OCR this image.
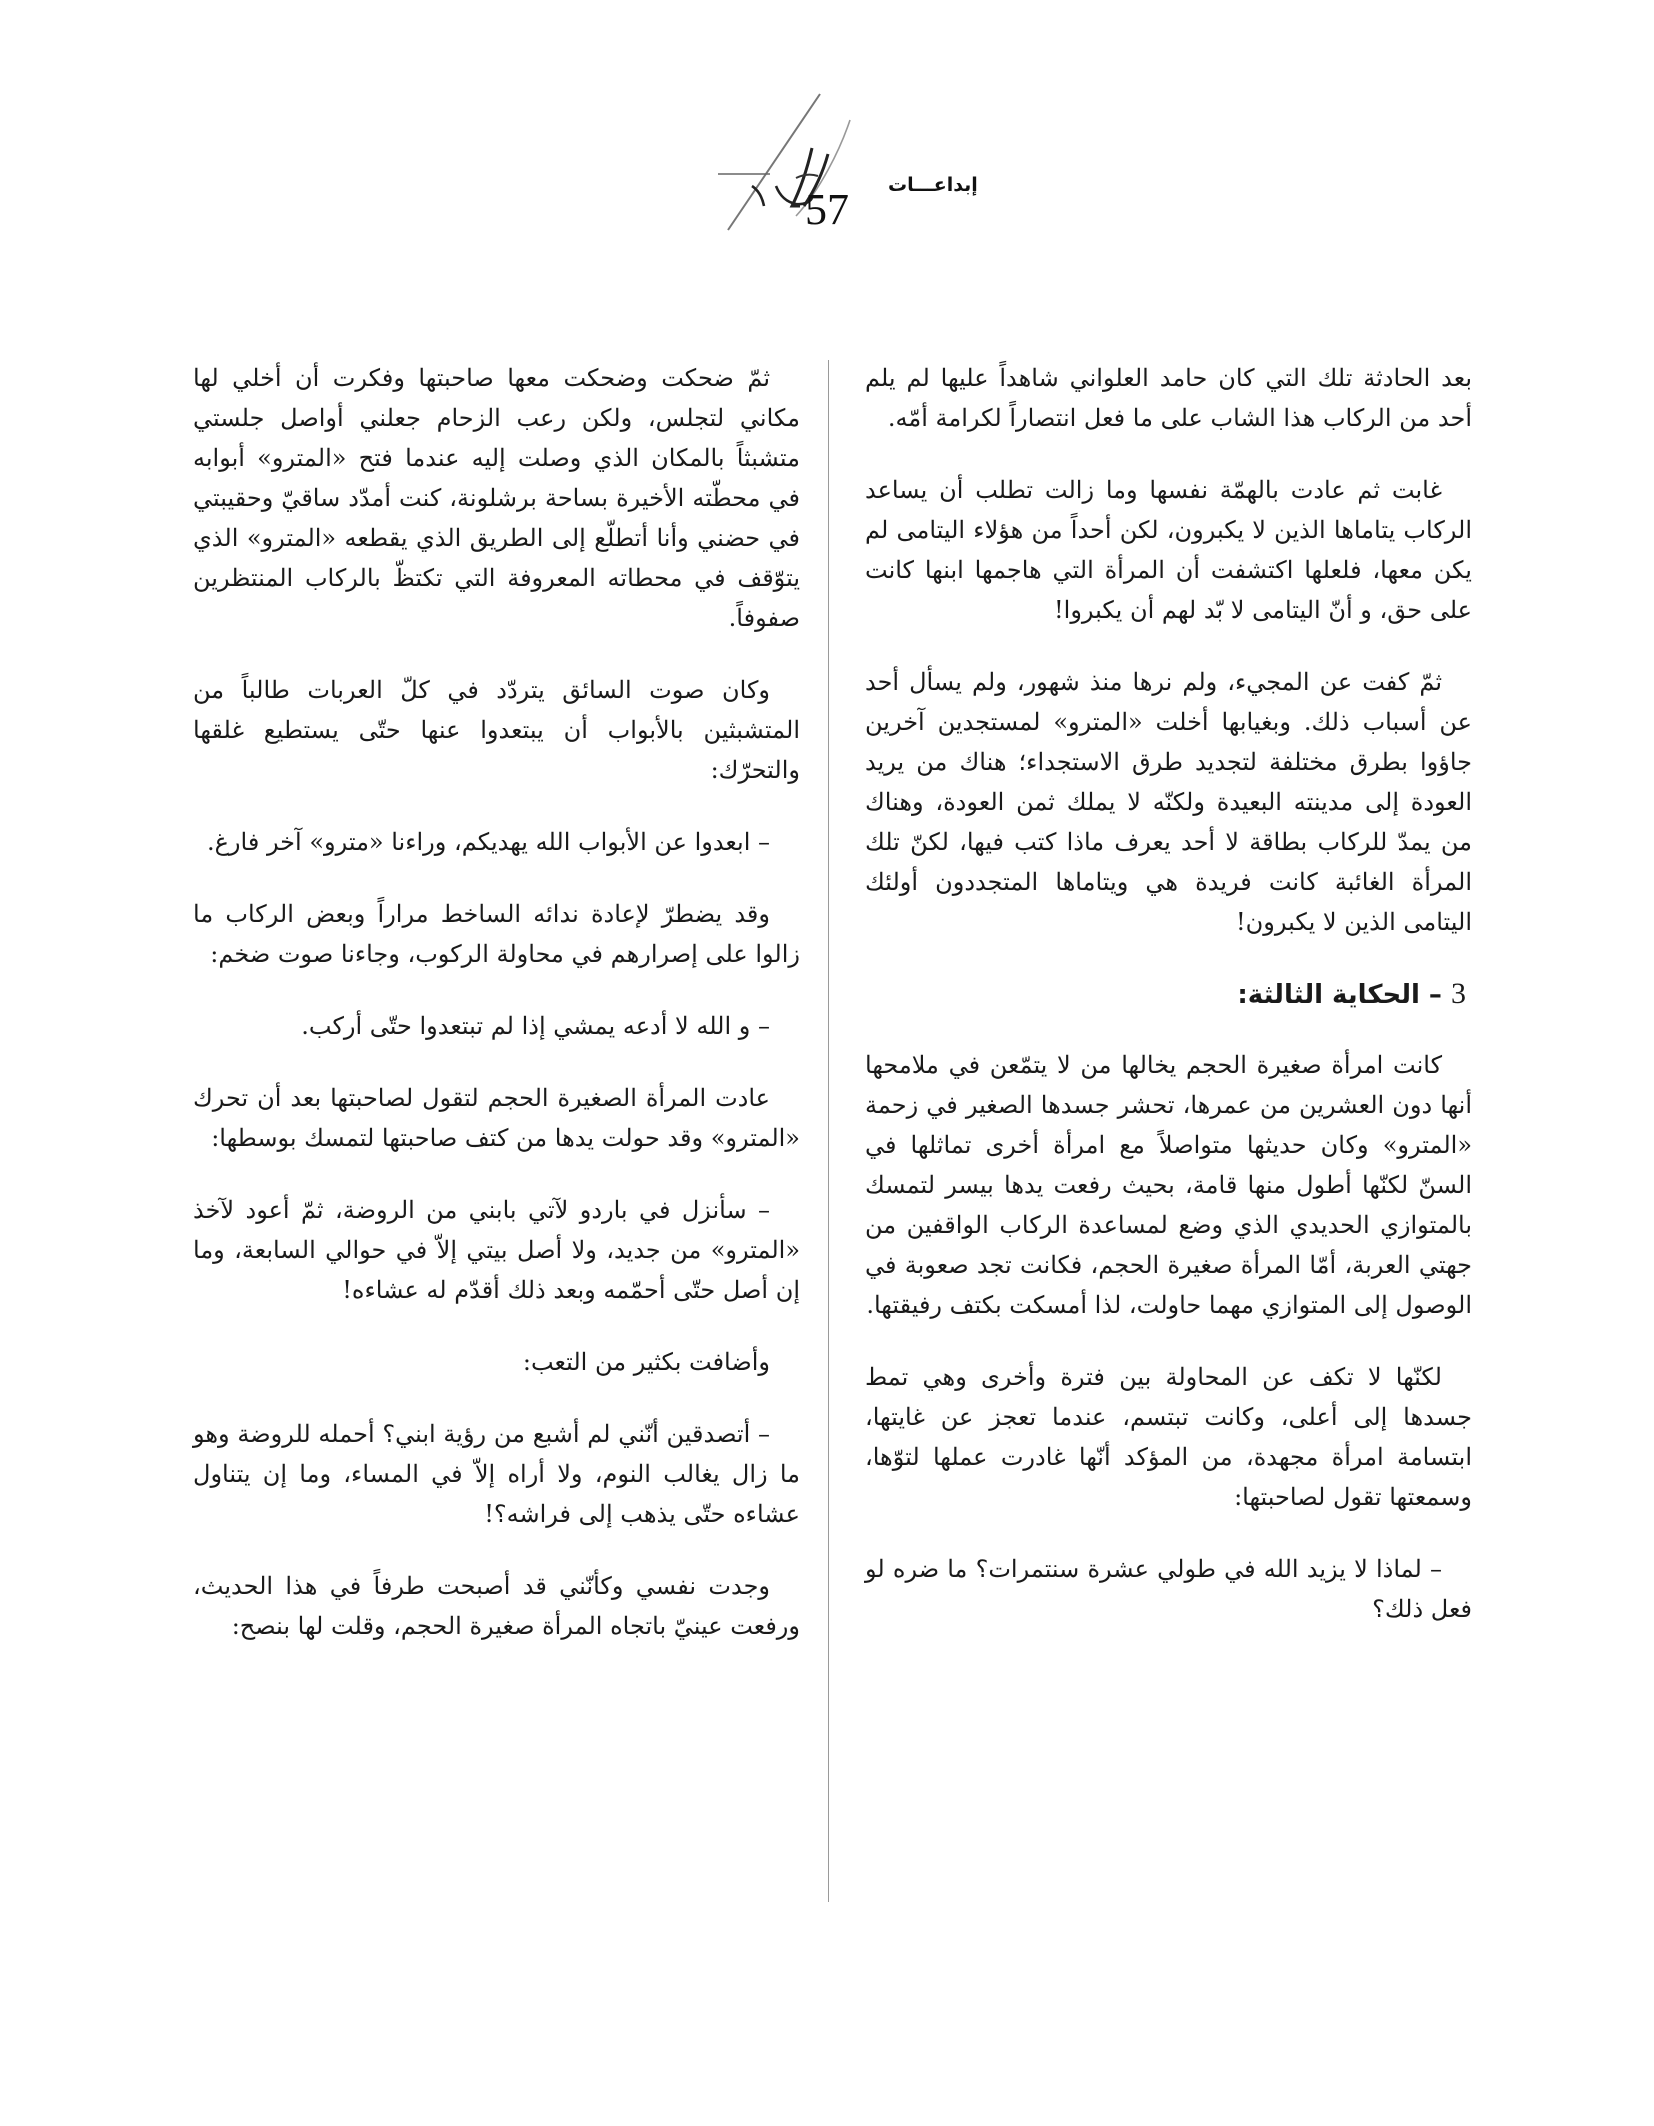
إبداعـــات
57

بعد الحادثة تلك التي كان حامد العلواني شاهداً عليها لم يلم أحد من الركاب هذا الشاب على ما فعل انتصاراً لكرامة أمّه.

غابت ثم عادت بالهمّة نفسها وما زالت تطلب أن يساعد الركاب يتاماها الذين لا يكبرون، لكن أحداً من هؤلاء اليتامى لم يكن معها، فلعلها اكتشفت أن المرأة التي هاجمها ابنها كانت على حق، و أنّ اليتامى لا بّد لهم أن يكبروا!

ثمّ كفت عن المجيء، ولم نرها منذ شهور، ولم يسأل أحد عن أسباب ذلك. وبغيابها أخلت «المترو» لمستجدين آخرين جاؤوا بطرق مختلفة لتجديد طرق الاستجداء؛ هناك من يريد العودة إلى مدينته البعيدة ولكنّه لا يملك ثمن العودة، وهناك من يمدّ للركاب بطاقة لا أحد يعرف ماذا كتب فيها، لكنّ تلك المرأة الغائبة كانت فريدة هي ويتاماها المتجددون أولئك اليتامى الذين لا يكبرون!

3 – الحكاية الثالثة:

كانت امرأة صغيرة الحجم يخالها من لا يتمّعن في ملامحها أنها دون العشرين من عمرها، تحشر جسدها الصغير في زحمة «المترو» وكان حديثها متواصلاً مع امرأة أخرى تماثلها في السنّ لكنّها أطول منها قامة، بحيث رفعت يدها بيسر لتمسك بالمتوازي الحديدي الذي وضع لمساعدة الركاب الواقفين من جهتي العربة، أمّا المرأة صغيرة الحجم، فكانت تجد صعوبة في الوصول إلى المتوازي مهما حاولت، لذا أمسكت بكتف رفيقتها.

لكنّها لا تكف عن المحاولة بين فترة وأخرى وهي تمط جسدها إلى أعلى، وكانت تبتسم، عندما تعجز عن غايتها، ابتسامة امرأة مجهدة، من المؤكد أنّها غادرت عملها لتوّها، وسمعتها تقول لصاحبتها:

– لماذا لا يزيد الله في طولي عشرة سنتمرات؟ ما ضره لو فعل ذلك؟

ثمّ ضحكت وضحكت معها صاحبتها وفكرت أن أخلي لها مكاني لتجلس، ولكن رعب الزحام جعلني أواصل جلستي متشبثاً بالمكان الذي وصلت إليه عندما فتح «المترو» أبوابه في محطّته الأخيرة بساحة برشلونة، كنت أمدّد ساقيّ وحقيبتي في حضني وأنا أتطلّع إلى الطريق الذي يقطعه «المترو» الذي يتوّقف في محطاته المعروفة التي تكتظّ بالركاب المنتظرين صفوفاً.

وكان صوت السائق يتردّد في كلّ العربات طالباً من المتشبثين بالأبواب أن يبتعدوا عنها حتّى يستطيع غلقها والتحرّك:

– ابعدوا عن الأبواب الله يهديكم، وراءنا «مترو» آخر فارغ.

وقد يضطرّ لإعادة ندائه الساخط مراراً وبعض الركاب ما زالوا على إصرارهم في محاولة الركوب، وجاءنا صوت ضخم:

– و الله لا أدعه يمشي إذا لم تبتعدوا حتّى أركب.

عادت المرأة الصغيرة الحجم لتقول لصاحبتها بعد أن تحرك «المترو» وقد حولت يدها من كتف صاحبتها لتمسك بوسطها:

– سأنزل في باردو لآتي بابني من الروضة، ثمّ أعود لآخذ «المترو» من جديد، ولا أصل بيتي إلاّ في حوالي السابعة، وما إن أصل حتّى أحمّمه وبعد ذلك أقدّم له عشاءه!

وأضافت بكثير من التعب:

– أتصدقين أنّني لم أشبع من رؤية ابني؟ أحمله للروضة وهو ما زال يغالب النوم، ولا أراه إلاّ في المساء، وما إن يتناول عشاءه حتّى يذهب إلى فراشه؟!

وجدت نفسي وكأنّني قد أصبحت طرفاً في هذا الحديث، ورفعت عينيّ باتجاه المرأة صغيرة الحجم، وقلت لها بنصح:
